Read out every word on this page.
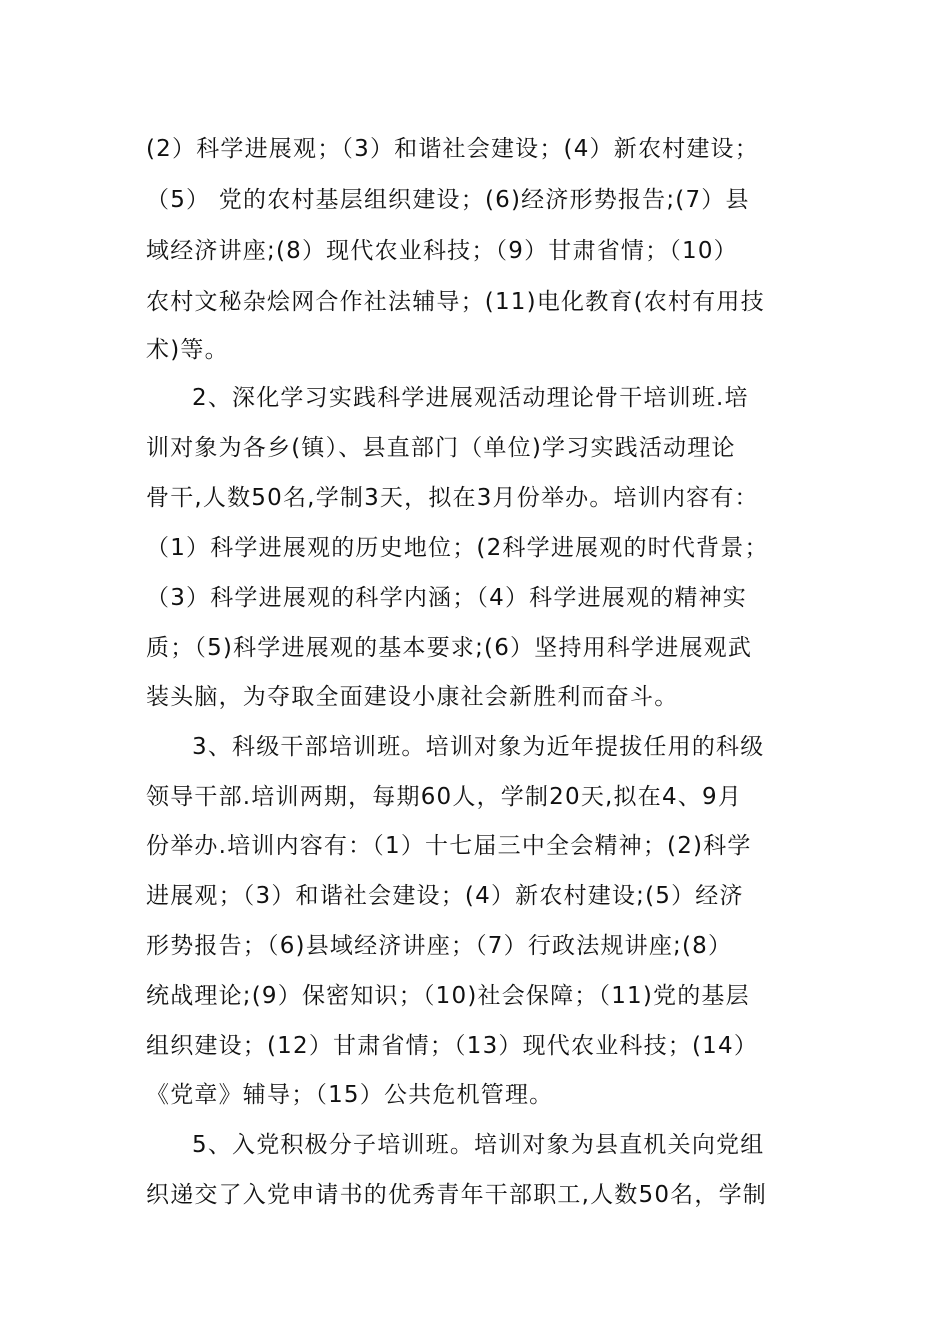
(2）科学进展观；（3）和谐社会建设；(4）新农村建设；
（5） 党的农村基层组织建设；(6)经济形势报告;(7）县
域经济讲座;(8）现代农业科技；（9）甘肃省情；（10）
农村文秘杂烩网合作社法辅导；(11)电化教育(农村有用技
术)等。
2、深化学习实践科学进展观活动理论骨干培训班.培
训对象为各乡(镇）、县直部门（单位)学习实践活动理论
骨干,人数50名,学制3天，拟在3月份举办。培训内容有：
（1）科学进展观的历史地位；(2科学进展观的时代背景；
（3）科学进展观的科学内涵；（4）科学进展观的精神实
质；（5)科学进展观的基本要求;(6）坚持用科学进展观武
装头脑，为夺取全面建设小康社会新胜利而奋斗。
3、科级干部培训班。培训对象为近年提拔任用的科级
领导干部.培训两期，每期60人，学制20天,拟在4、9月
份举办.培训内容有：（1）十七届三中全会精神；(2)科学
进展观；（3）和谐社会建设；(4）新农村建设;(5）经济
形势报告；（6)县域经济讲座；（7）行政法规讲座;(8）
统战理论;(9）保密知识；（10)社会保障；（11)党的基层
组织建设；(12）甘肃省情；（13）现代农业科技；(14）
《党章》辅导；（15）公共危机管理。
5、入党积极分子培训班。培训对象为县直机关向党组
织递交了入党申请书的优秀青年干部职工,人数50名，学制
